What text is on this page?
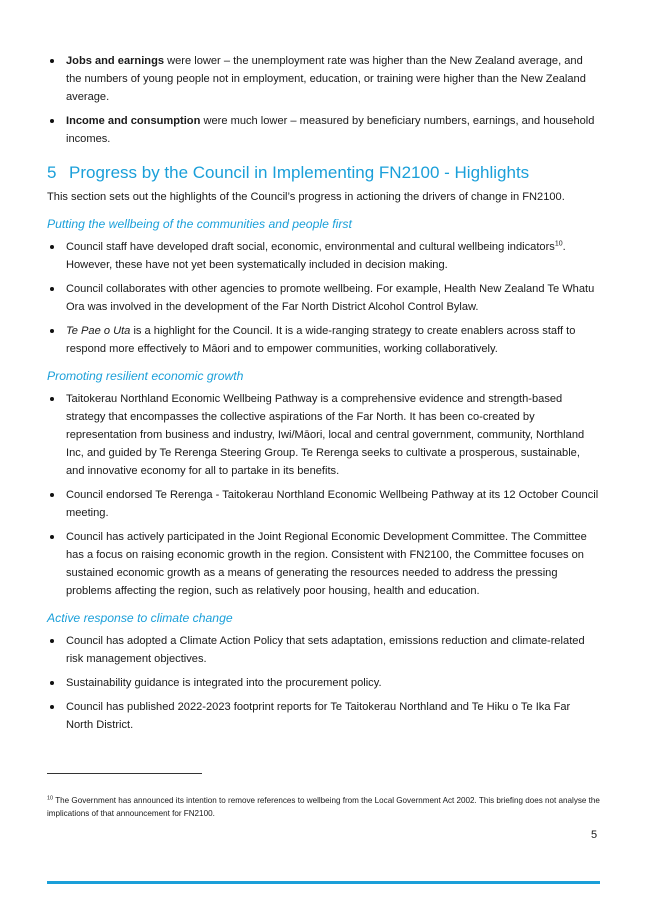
Jobs and earnings were lower – the unemployment rate was higher than the New Zealand average, and the numbers of young people not in employment, education, or training were higher than the New Zealand average.
Income and consumption were much lower – measured by beneficiary numbers, earnings, and household incomes.
5 Progress by the Council in Implementing FN2100 - Highlights

This section sets out the highlights of the Council’s progress in actioning the drivers of change in FN2100.

Putting the wellbeing of the communities and people first
Council staff have developed draft social, economic, environmental and cultural wellbeing indicators$^{10}$. However, these have not yet been systematically included in decision making.
Council collaborates with other agencies to promote wellbeing. For example, Health New Zealand Te Whatu Ora was involved in the development of the Far North District Alcohol Control Bylaw.
Te Pae o Uta is a highlight for the Council. It is a wide-ranging strategy to create enablers across staff to respond more effectively to Māori and to empower communities, working collaboratively.
Promoting resilient economic growth
Taitokerau Northland Economic Wellbeing Pathway is a comprehensive evidence and strength-based strategy that encompasses the collective aspirations of the Far North. It has been co-created by representation from business and industry, Iwi/Māori, local and central government, community, Northland Inc, and guided by Te Rerenga Steering Group. Te Rerenga seeks to cultivate a prosperous, sustainable, and innovative economy for all to partake in its benefits.
Council endorsed Te Rerenga - Taitokerau Northland Economic Wellbeing Pathway at its 12 October Council meeting.
Council has actively participated in the Joint Regional Economic Development Committee. The Committee has a focus on raising economic growth in the region. Consistent with FN2100, the Committee focuses on sustained economic growth as a means of generating the resources needed to address the pressing problems affecting the region, such as relatively poor housing, health and education.
Active response to climate change
Council has adopted a Climate Action Policy that sets adaptation, emissions reduction and climate-related risk management objectives.
Sustainability guidance is integrated into the procurement policy.
Council has published 2022-2023 footprint reports for Te Taitokerau Northland and Te Hiku o Te Ika Far North District.
$^{10}$ The Government has announced its intention to remove references to wellbeing from the Local Government Act 2002. This briefing does not analyse the implications of that announcement for FN2100.
5
